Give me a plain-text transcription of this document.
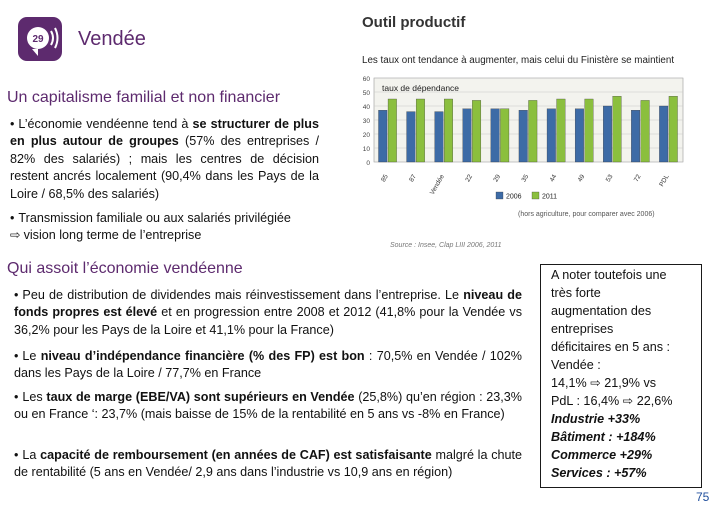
29 Vendée
Un capitalisme familial et non financier
• L’économie vendéenne tend à se structurer de plus en plus autour de groupes (57% des entreprises / 82% des salariés) ; mais les centres de décision restent ancrés localement (90,4% dans les Pays de la Loire / 68,5% des salariés)
• Transmission familiale ou aux salariés privilégiée
⇨ vision long terme de l’entreprise
Qui assoit l’économie vendéenne
• Peu de distribution de dividendes mais réinvestissement dans l’entreprise. Le niveau de fonds propres est élevé et en progression entre 2008 et 2012 (41,8% pour la Vendée vs 36,2% pour les Pays de la Loire et 41,1% pour la France)
• Le niveau d’indépendance financière (% des FP) est bon : 70,5% en Vendée / 102% dans les Pays de la Loire / 77,7% en France
• Les taux de marge (EBE/VA) sont supérieurs en Vendée (25,8%) qu’en région : 23,3% ou en France ‘: 23,7% (mais baisse de 15% de la rentabilité en 5 ans vs -8% en France)
• La capacité de remboursement (en années de CAF) est satisfaisante malgré la chute de rentabilité (5 ans en Vendée/ 2,9 ans dans l’industrie vs 10,9 ans en région)
Outil productif
Les taux ont tendance à augmenter, mais celui du Finistère se maintient
0
10
20
30
40
50
60
taux de dépendance
85	87 Vendée	22	29	35	44	49	53	72 PDL
2006	2011
(hors agriculture, pour comparer avec 2006)
Source : Insee, Clap LIII 2006, 2011
A noter toutefois une
très forte
augmentation des
entreprises
déficitaires en 5 ans :
Vendée :
14,1% ⇨ 21,9% vs
PdL : 16,4% ⇨ 22,6%
Industrie +33%
Bâtiment : +184%
Commerce +29%
Services : +57%
75
